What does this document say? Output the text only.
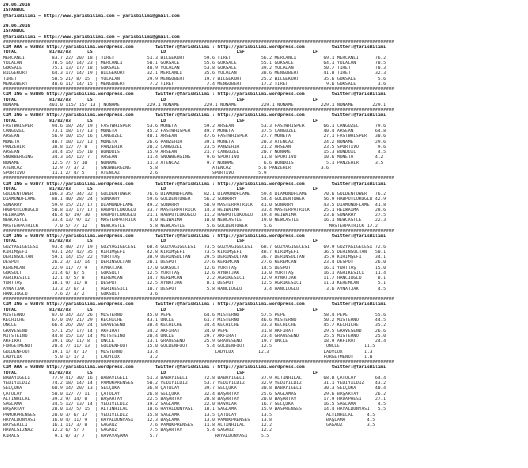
29.06.2016
İSTANBUL
@YarisBilimi — http://www.yarisbilimi.com — yarisbilimi@gmail.com
29.06.2016
İSTANBUL
@YarisBilimi — http://www.yarisbilimi.com — yarisbilimi@gmail.com
################################################################################################################################################
CIM ARA = 93083 http://yarisbilimi.wordpress.com        twitter:@YarisBilimi : http://yarisbilimi.wordpress.com          twitter:@YarisBilimi
TOTAL            81/82/83      LS                         LD                          LSF                         LF
MERCANLI          83.7 22/ 20/ 18 | TİRET            51.3 BİLGEKURT       59.6 TİRET           56.2 MERCANLI          69.1 MERCANLI      76.2
YOLALAN           78.5 14/ 14/ 23 | MERCANLI         50.1 GÖKSALE         55.6 GÖKSALE         55.1 GÖKSALE           64.1 YOLALAN       70.5
GÖKSALE           75.1 13/ 17/ 18 | GÖKSALE          40.9 YOLALAN         53.8 GÖKSALE         39.2 YOLALAN           50.7 TİRET         70.3
BİLGEKURT         64.3 17/ 14/ 19 | BİLGEKURT        32.1 MERCANLI        35.6 YOLALAN         38.6 MENGÜBERT         41.8 TİRET         32.3
TİRET             58.5 21/ 8/ 15  | YOLALAN          29.9 MENGÜBERT       19.7 BİLGEKURT       25.2 BİLGEKURT         35.6 GÖKSALE        5.6
MENGÜBERT         40.6 11/ 14/ 15 | MENGÜBERT         7.2 TİRET            7.4 MENGÜBERT       17.2 TİRET              9.6 GÖKSALE        3.6
################################################################################################################################################
CIM ING = 93086 http://yarisbilimi.wordpress.com        twitter:@YarisBilimi : http://yarisbilimi.wordpress.com          twitter:@YarisBilimi
TOTAL            81/82/83      LS                         LD                          LSF                         LF
NONAME           401.0 115/ 15/ 13 | NONAME          229.1 NONAME         229.1 NONAME         229.1 NONAME          229.1 NONAME       229.1
################################################################################################################################################
CIM ING = 93087 http://yarisbilimi.wordpress.com        twitter:@YarisBilimi : http://yarisbilimi.wordpress.com          twitter:@YarisBilimi
TOTAL            81/82/83      LS                         LD                          LSF                         LF
FASTWHISPER       94.6 18/ 24/ 19 | FASTWHISPER      53.6 MONETA          59.2 ARSEAN          53.3 FASTWHISPER       66.1 CANGÜZEL      79.6
CANGÜZEL          73.1 18/ 17/ 13 | MONETA           45.2 FASTWHISPER     49.7 MONETA          37.5 CANGÜZEL          40.4 ARSEAN        64.8
ARSEAN            56.9 10/ 15/ 16 | CANGÜZEL         40.1 ARSEAN          47.6 FASTWHISPER     27.7 MONETA            27.1 FASTWHISPER   30.6
MONETA            40.7 10/ 12/ 13 | MONETA           26.6 PANZEHİR        39.1 MONETA          28.3 ATENCAZ           24.2 NONAME        29.6
PANZEHİR          38.8 12/ 7/ 8   | PANZEHİR         20.2 CANGÜZEL        23.5 PANZEHİR        21.2 ARSEAN            23.5 SPORTİVO       9.6
ARSEAN            34.4 15/ 15/ 10 | BONDUIS          15.9 ARSEAN          21.7 CANGÜZEL        20.7 NONAME            15.3 BONDUIL        4.5
SNOWBERGING       34.3 14/ 12/ 7  | ARSEAN           11.4 SNOWBERGING      9.6 SPORTİVO        11.8 SPORTİVO          10.6 MONETA        4.2
NONAME            12.5 7/ 5/ 10   | NONAME           11.3 ATENCAZ          9.7 NONAME           6.6 BONDUIS            5.1 PANZEHİR      3.5
ATENCAZ           12.9 7/ 3/ 2    | SNOWBERGING       5.8                    ATENCAZ          5.6 PANZEHİR           3.6
SPORTİVO          11.1 2/ 4/ 5    | ATENCAZ           2.6                    SPORTİVO         5.9
################################################################################################################################################
CIM ING = 93077 http://yarisbilimi.wordpress.com        twitter:@YarisBilimi : http://yarisbilimi.wordpress.com          twitter:@YarisBilimi
TOTAL            81/82/83      LS                         LD                          LSF                         LF
GOLDENTOWER      106.3 35/ 34/ 32 | GOLDENTOWER      76.6 DİAMONDFLAME    82.1 DİAMONDFLAME    59.4 DİAMONDFLAME      70.6 GOLDENTOWER   76.2
DİAMONDFLAME      88.1 40/ 28/ 24 | SUNARRY          59.6 GOLDENTOWER     56.2 SUNARRY         54.4 GOLDENTOWER       56.9 HABPUTLUKOĞLU 42.9
SUNARRY           59.9 15/ 21/ 17 | DİAMONDFLAME     49.2 SUNARRY         50.9 MASTERPATRİCK   41.0 SUNARRY           43.5 DİAMONDFLAME  41.8
HABPUTLUKOĞLU     50.8 13/ 17/ 17 | HABPUTLUKOĞLU    33.7 MASTERPATRİCK   14.3 HEİWAİMA        33.4 MASTERPATRİCK     25.1 HEİWAİMA      28.6
HEİWAİMA          46.4 6/ 19/ 30  | HABPUTLUKOĞLU    21.1 HABPUTLUKOĞLU   11.2 HABPUTLUKOĞLU   19.4 HEİWAİMA          23.6 SUNARRY       27.5
NEWCASTLE         33.4 13/ 9/ 12  | MASTERPATRİCK     4.0 HEİWAİMA        10.0 NEWCASTLE       19.0 NEWCASTLE         16.1 NEWCASTLE     22.3
MASTERPATRİCK      7.0 5/ 7/ 12   | NEWCASTLE         5.8 NEWCASTLE        5.6 GOLDENTOWER      5.6                     MASTERPATRİCK 17.2
################################################################################################################################################
CIM ING = 93079 http://yarisbilimi.wordpress.com        twitter:@YarisBilimi : http://yarisbilimi.wordpress.com          twitter:@YarisBilimi
TOTAL            81/82/83      LS                         LD                          LSF                         LF
GÜZYAĞIGECESİ     93.4 40/ 27/ 19 | GÜZYAĞIGECESİ    68.4 GÜZYAĞIGECESİ   73.5 GÜZYAĞIGECESİ   68.7 GÜZYAĞIGECESİ     69.9 GÜZYAĞIGECESİ 72.6
KIRIMŞEFİ         93.1 24/ 42/ 35 | KIRIMŞEFİ        42.8 KIRIMŞEFİ       73.5 KIRIMŞEFİ       48.7 KIRIMŞEFİ         36.5 DERİNSULTAN   50.1
DERİNSULTAN       59.1 14/ 15/ 22 | YURTTAŞ          38.9 DERİNSULTAN     29.5 DERİNSULTAN     36.7 DERİNSULTAN       35.9 KIRIMŞEFİ     34.1
DESPOT            26.2 3/ 13/ 14  | DERİNSULTAN      20.1 DESPOT          27.6 KEREMCAN        27.6 KEREMCAN          23.4 DESPOT        26.0
KEREMCAN          22.9 11/ 7/ 9   | AYNATJAK         17.0 GÖKSULT         12.6 YURTTAŞ         14.5 DESPOT            16.1 YURTTAŞ       15.0
GÖKSULT           21.4 6/ 6/ 5    | GÖKSULT          12.5 YURTTAŞ         12.6 AYNATJAK        13.0 YURTTAŞ           16.1 AĞRIKESİCİ    11.4
AĞRIKESİCİ        12.1 4/ 5/ 8    | KEREMCAN         14.7 KEREMCAN         2.2 AĞRIKESİCİ      12.9 AYNATJAK          11.7 HANCIOĞLU      8.1
YURTTAŞ           18.1 9/ 11/ 8   | DESPOT           12.5 AYNATJAK         8.1 DESPOT          12.5 AĞRIKESİCİ        11.3 KEREMCAN       5.1
AYNATJAK          13.3 2/ 6/ 3    | AĞRIKESİCİ       10.7 DESPOT           5.8 HANCIOĞLU        3.4 HANCIOĞLU          3.6 AYNATJAK       4.5
HANCIOĞLU          7.6 2/ 3/ 2    | GÖKSULT           3.6
################################################################################################################################################
CIM ING = 93078 http://yarisbilimi.wordpress.com        twitter:@YarisBilimi : http://yarisbilimi.wordpress.com          twitter:@YarisBilimi
TOTAL            81/82/83      LS                         LD                          LSF                         LF
MISTERNO          87.0 34/ 32/ 26 | MISTERNO         45.0 PEPE            64.6 MISTERNO        57.5 PEPE              58.4 PEPE          55.6
KECHICHE          67.0 19/ 21/ 29 | KECHICHE         43.1 UNCLE           61.7 MISTERNO        46.6 MISTERNO          50.2 MISTERNO      44.5
UNCLE             66.4 26/ 20/ 24 | GRAVESEND        38.4 KECHICHE        34.4 KECHICHE        33.3 KECHICHE          45.7 KECHICHE      35.2
GRAVESEND         57.1 25/ 17/ 14 | AKFIRAT          34.2 AKFIRAT         34.0 PEPE            31.8 AKFIRAT           29.5 GRAVESEND     26.6
MITSTEINO         44.8 15/ 13/ 14 | MITSTEINO        20.4 UNCLE           29.7 AKFIRAT         23.4 GRAVESEND         25.5 MISTERNO      25.0
AKFIRAT           39.1 16/ 11/ 8  | UNCLE            13.1 GRAVESEND       25.9 GRAVESEND       19.7 UNCLE             18.9 AKFIRAT       24.4
FORGETMENOT       20.4 7/ 11/ 13  | GOLDENFOOT       15.0 GOLDENFOOT       5.4 GOLDENFOOT      12.5                    UNCLE         11.5
GOLDENFOOT        19.1 1/ 4/ 17   | MISTERNO         13.4                     LADYLUX         12.3                    LADYLUX        1.3
LADYLUX            5.0 1/ 1/ 2    | LADYLUX           3.2                                                             FORGETMENOT    1.0
################################################################################################################################################
CIM ARA = 93080 http://yarisbilimi.wordpress.com        twitter:@YarisBilimi : http://yarisbilimi.wordpress.com          twitter:@YarisBilimi
TOTAL            81/82/83      LS                         LD                          LSF                         LF
BABAYİĞELİ        77.9 41/ 30/ 16 | BABAYİĞELİ       51.3 BABAYİĞELİ      72.8 BABAYİĞELİ      37.9 ALTINHİLAL        68.8 ÇATOLAY       64.4
YEDİYILDIZ        74.2 18/ 14/ 14 | PAMUKPRENSES     50.2 YEDİYILDIZ      53.7 YEDİYILDIZ      32.9 YEDİYILDIZ        31.1 YEDİYILDIZ    43.2
SELÇUKA           60.9 14/ 20/ 13 | SELÇUKA          36.8 ÇATOLAY         39.7 SELÇUKA         30.8 BABAYİĞELİ        30.3 SELÇUKA       40.4
ÇATOLAY           50.0 12/ 7/ 11  | ÇATOLAY          26.8 SELÇUKA         32.4 BAŞARTAY        25.6 SAĞLAMAS          29.6 BAŞARTAY      26.2
ALTINHİLAL        39.2 9/ 14/ 8   | BAŞARTAY         22.5 BAŞARTAY        28.8 BAŞARTAY        20.0 BAŞARTAY          17.9 HAVAPHESİ     27.1
SAĞLAMA           34.5 12/ 13/ 14 | YEDİYILDIZ       19.2 SAĞLAMA         22.0 HAVALAR         16.7 SELÇUKA           16.5 SAĞLAMA        4.5
BAŞARTAY          28.0 13/ 5/ 15  | ALTINHİLAL       18.6 HAYALDÜNYASI    18.1 SAĞLAMA         15.9 BASPRENSES        14.4 HAYALDÜNYASI   5.5
PAMUKPRENSES      20.0 3/ 6/ 17   | YEDİYILDIZ       15.8 SAĞLAMA         13.5 ÇATOLAY         13.5                    ALTINHİLAL     4.5
HAYALDÜNYASI      16.0 4/ 11/ 9   | HAYALDÜNYASI     12.3 BAŞLAMA         13.0 PAMUKPRENSES    13.8                    BAŞLAMA        4.5
BAYSERİLİ         16.1 11/ 3/ 8   | GAGAUZ            7.6 PAMUKPRENSES    11.8 ALTINHİLAL      12.2                    GAGAUZ         3.5
HAVALSIZNAZ       12.2 6/ 5/ 7    | GAGAUZ            7.5 BAŞARTAY         5.4 GAGAUZ          12.2
KIRALS             9.1 0/ 3/ 7    | HAVAYAŞAMA        5.7                     HAYALDÜNYASI     5.5
